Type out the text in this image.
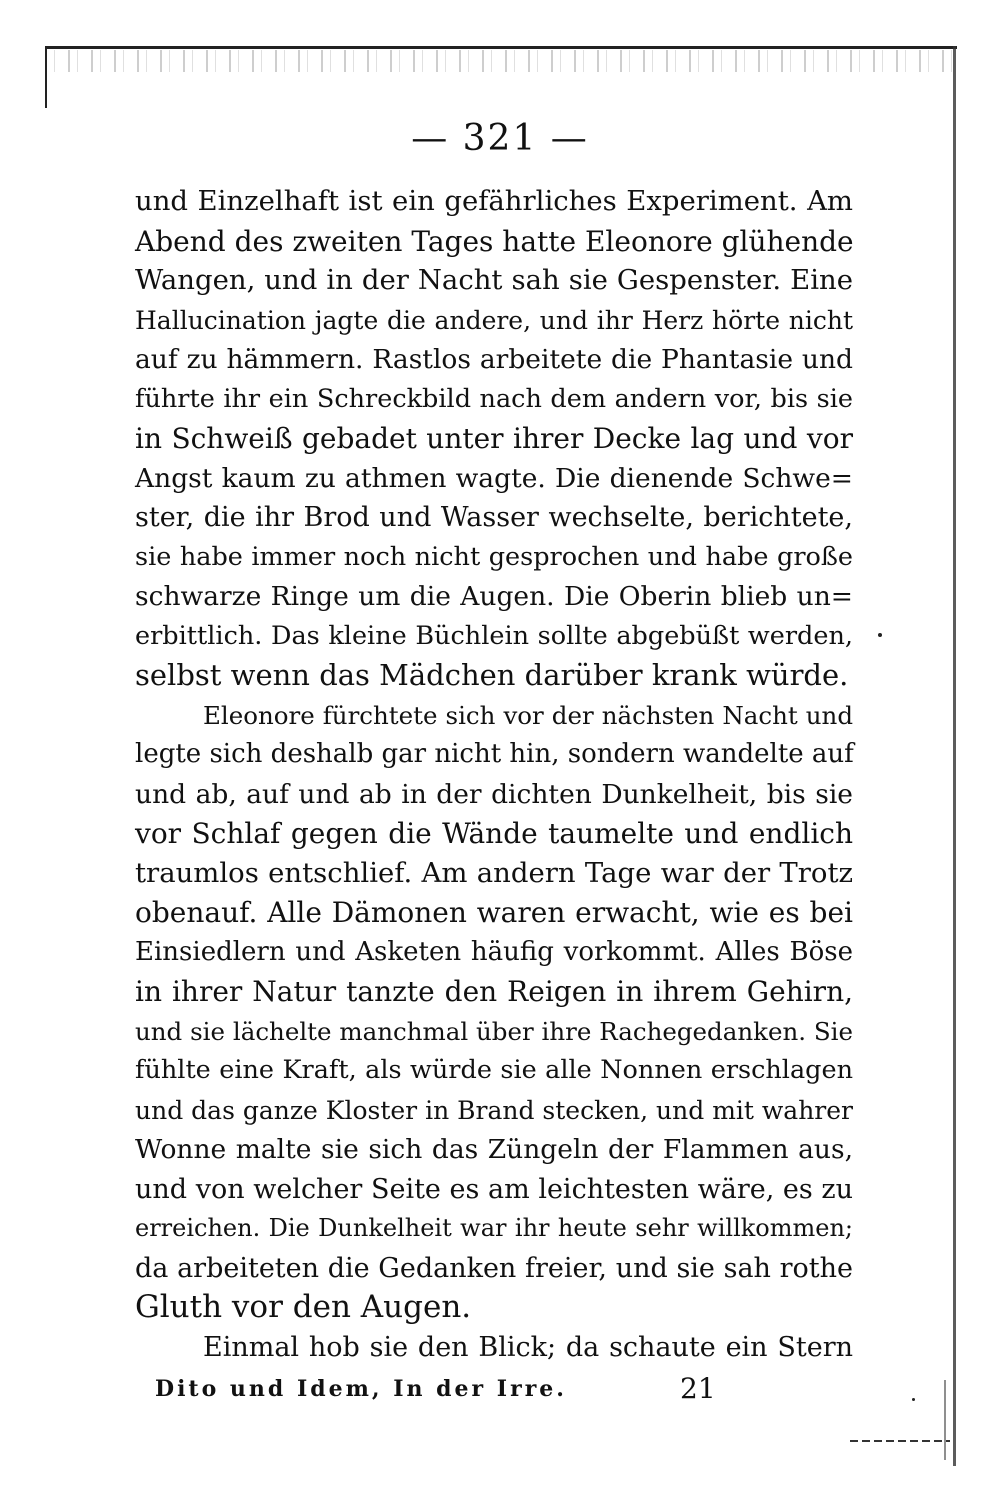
— 321 —
und Einzelhaft ist ein gefährliches Experiment. Am
Abend des zweiten Tages hatte Eleonore glühende
Wangen, und in der Nacht sah sie Gespenster. Eine
Hallucination jagte die andere, und ihr Herz hörte nicht
auf zu hämmern. Rastlos arbeitete die Phantasie und
führte ihr ein Schreckbild nach dem andern vor, bis sie
in Schweiß gebadet unter ihrer Decke lag und vor
Angst kaum zu athmen wagte. Die dienende Schwe=
ster, die ihr Brod und Wasser wechselte, berichtete,
sie habe immer noch nicht gesprochen und habe große
schwarze Ringe um die Augen. Die Oberin blieb un=
erbittlich. Das kleine Büchlein sollte abgebüßt werden,
selbst wenn das Mädchen darüber krank würde.
Eleonore fürchtete sich vor der nächsten Nacht und
legte sich deshalb gar nicht hin, sondern wandelte auf
und ab, auf und ab in der dichten Dunkelheit, bis sie
vor Schlaf gegen die Wände taumelte und endlich
traumlos entschlief. Am andern Tage war der Trotz
obenauf. Alle Dämonen waren erwacht, wie es bei
Einsiedlern und Asketen häufig vorkommt. Alles Böse
in ihrer Natur tanzte den Reigen in ihrem Gehirn,
und sie lächelte manchmal über ihre Rachegedanken. Sie
fühlte eine Kraft, als würde sie alle Nonnen erschlagen
und das ganze Kloster in Brand stecken, und mit wahrer
Wonne malte sie sich das Züngeln der Flammen aus,
und von welcher Seite es am leichtesten wäre, es zu
erreichen. Die Dunkelheit war ihr heute sehr willkommen;
da arbeiteten die Gedanken freier, und sie sah rothe
Gluth vor den Augen.
Einmal hob sie den Blick; da schaute ein Stern
Dito und Idem, In der Irre.	21
